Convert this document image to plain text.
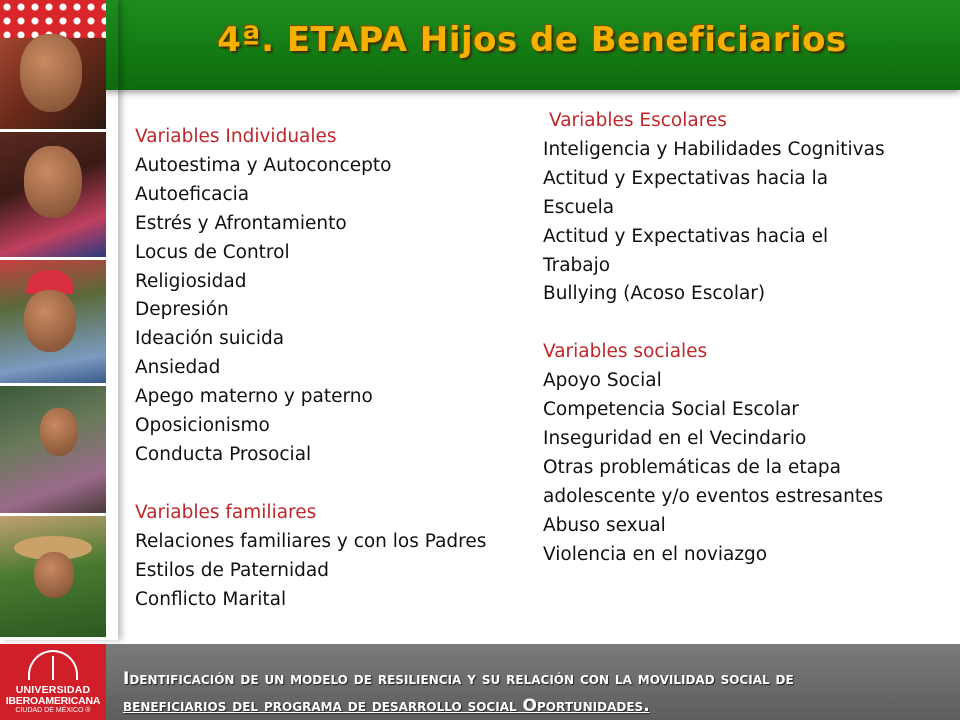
4ª. ETAPA Hijos de Beneficiarios
Variables Individuales
Autoestima y Autoconcepto
Autoeficacia
Estrés y Afrontamiento
Locus de Control
Religiosidad
Depresión
Ideación suicida
Ansiedad
Apego materno y paterno
Oposicionismo
Conducta Prosocial
Variables familiares
Relaciones familiares y con los Padres
Estilos de Paternidad
Conflicto Marital
Variables Escolares
Inteligencia y Habilidades Cognitivas
Actitud y Expectativas hacia la
Escuela
Actitud y Expectativas hacia el
Trabajo
Bullying (Acoso Escolar)
Variables sociales
Apoyo Social
Competencia Social Escolar
Inseguridad en el Vecindario
Otras problemáticas de la etapa
adolescente y/o eventos estresantes
Abuso sexual
Violencia en el noviazgo
UNIVERSIDAD
IBEROAMERICANA
CIUDAD DE MÉXICO ®
Identificación de un modelo de resiliencia y su relación con la movilidad social de
beneficiarios del programa de desarrollo social Oportunidades.
